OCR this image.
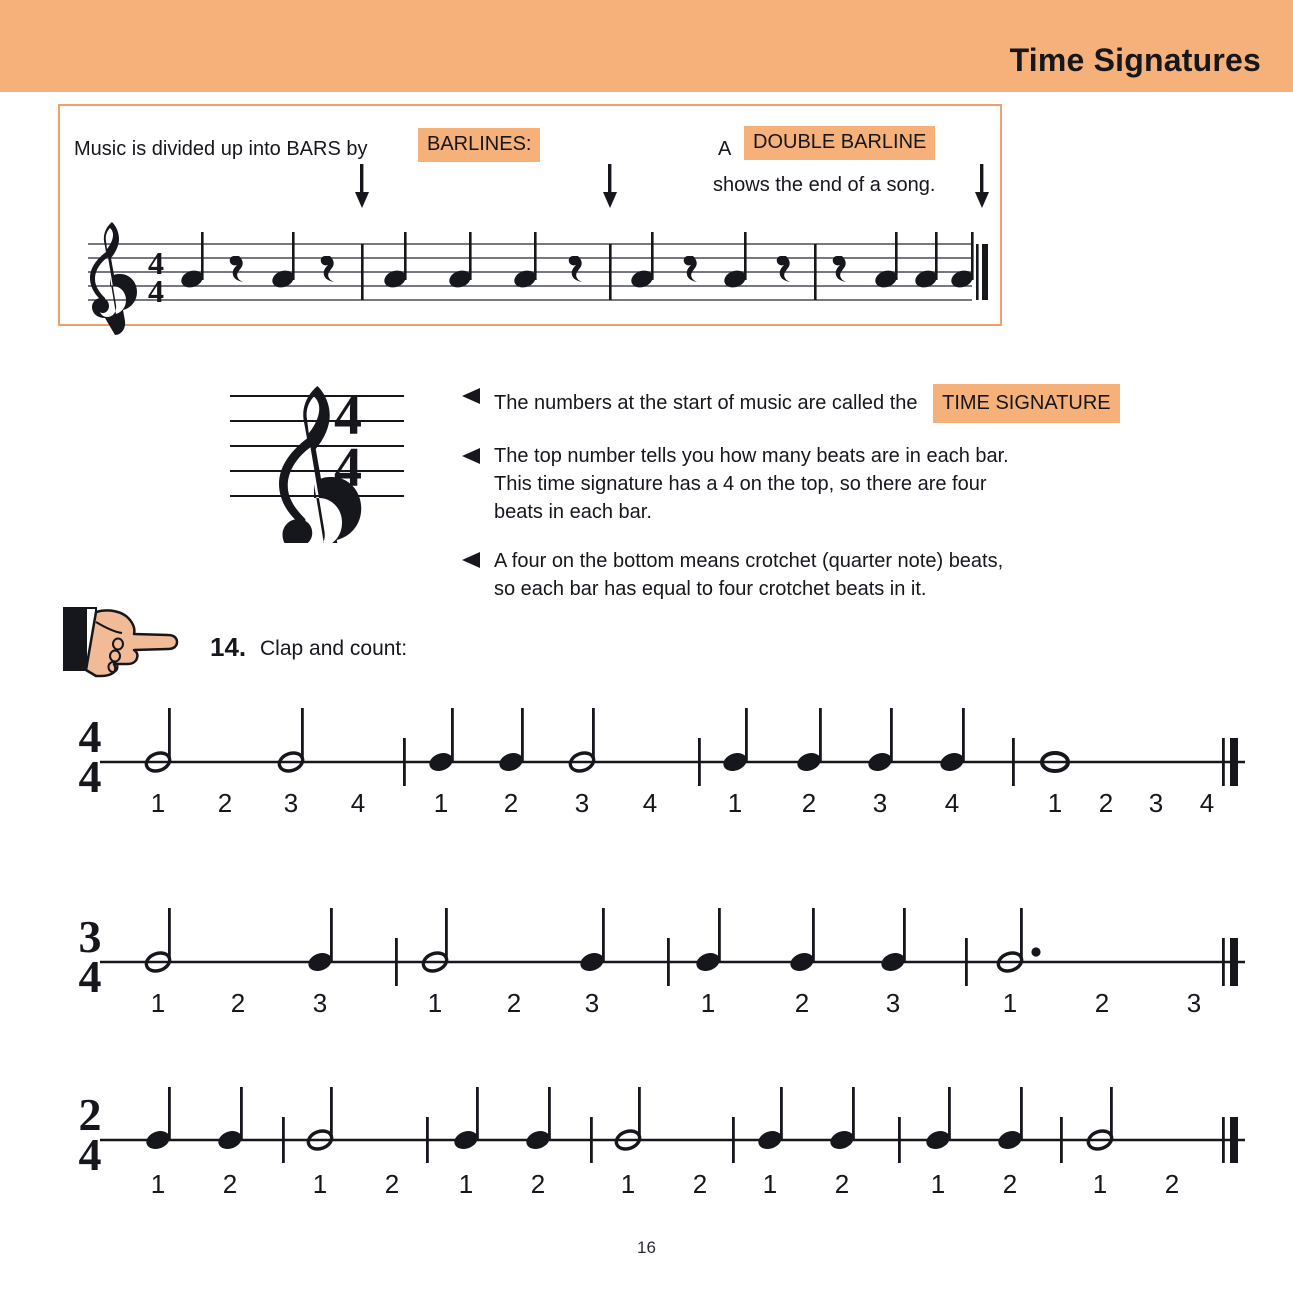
Time Signatures
Music is divided up into BARS by	BARLINES:	A	DOUBLE BARLINE
shows the end of a song.
4
4
4
4
The numbers at the start of music are called the TIME SIGNATURE
The top number tells you how many beats are in each bar.
This time signature has a 4 on the top, so there are four
beats in each bar.
A four on the bottom means crotchet (quarter note) beats,
so each bar has equal to four crotchet beats in it.
14. Clap and count:
4
4
1 2 3 4	1 2 3 4	1 2 3 4	1 2 3 4
3
4
1	2	3	1 2 3	1	2	3	1	2	3
2
4
1 2	1 2 1 2	1 2 1 2	1 2	1 2
16
